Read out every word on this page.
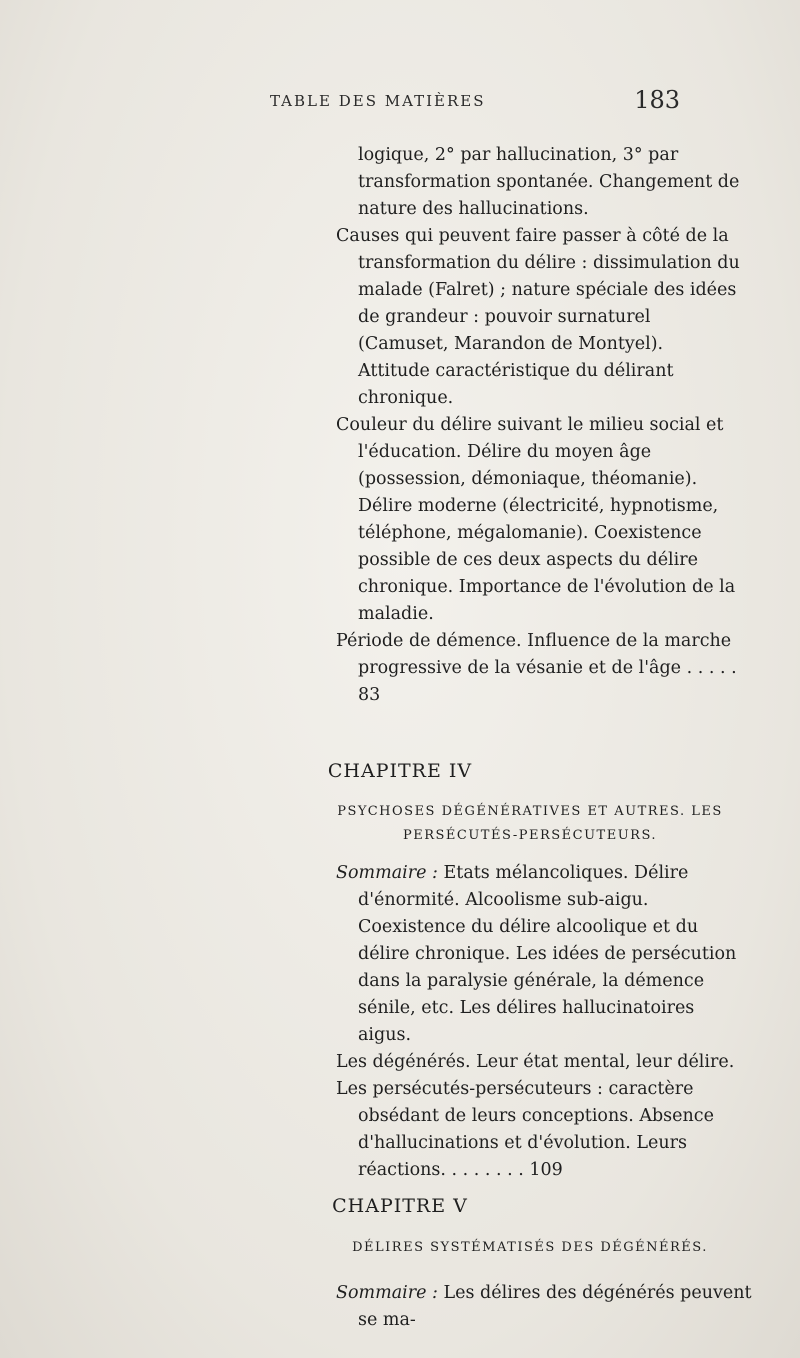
TABLE DES MATIÈRES	183

logique, 2° par hallucination, 3° par transformation spontanée. Changement de nature des hallucinations.

Causes qui peuvent faire passer à côté de la transformation du délire : dissimulation du malade (Falret) ; nature spéciale des idées de grandeur : pouvoir surnaturel (Camuset, Marandon de Montyel). Attitude caractéristique du délirant chronique.

Couleur du délire suivant le milieu social et l'éducation. Délire du moyen âge (possession, démoniaque, théomanie). Délire moderne (électricité, hypnotisme, téléphone, mégalomanie). Coexistence possible de ces deux aspects du délire chronique. Importance de l'évolution de la maladie.

Période de démence. Influence de la marche progressive de la vésanie et de l'âge . . . . . 83

CHAPITRE IV
PSYCHOSES DÉGÉNÉRATIVES ET AUTRES. LES PERSÉCUTÉS-PERSÉCUTEURS.

Sommaire : Etats mélancoliques. Délire d'énormité. Alcoolisme sub-aigu. Coexistence du délire alcoolique et du délire chronique. Les idées de persécution dans la paralysie générale, la démence sénile, etc. Les délires hallucinatoires aigus.

Les dégénérés. Leur état mental, leur délire.

Les persécutés-persécuteurs : caractère obsédant de leurs conceptions. Absence d'hallucinations et d'évolution. Leurs réactions. . . . . . . . 109

CHAPITRE V
DÉLIRES SYSTÉMATISÉS DES DÉGÉNÉRÉS.

Sommaire : Les délires des dégénérés peuvent se ma-
